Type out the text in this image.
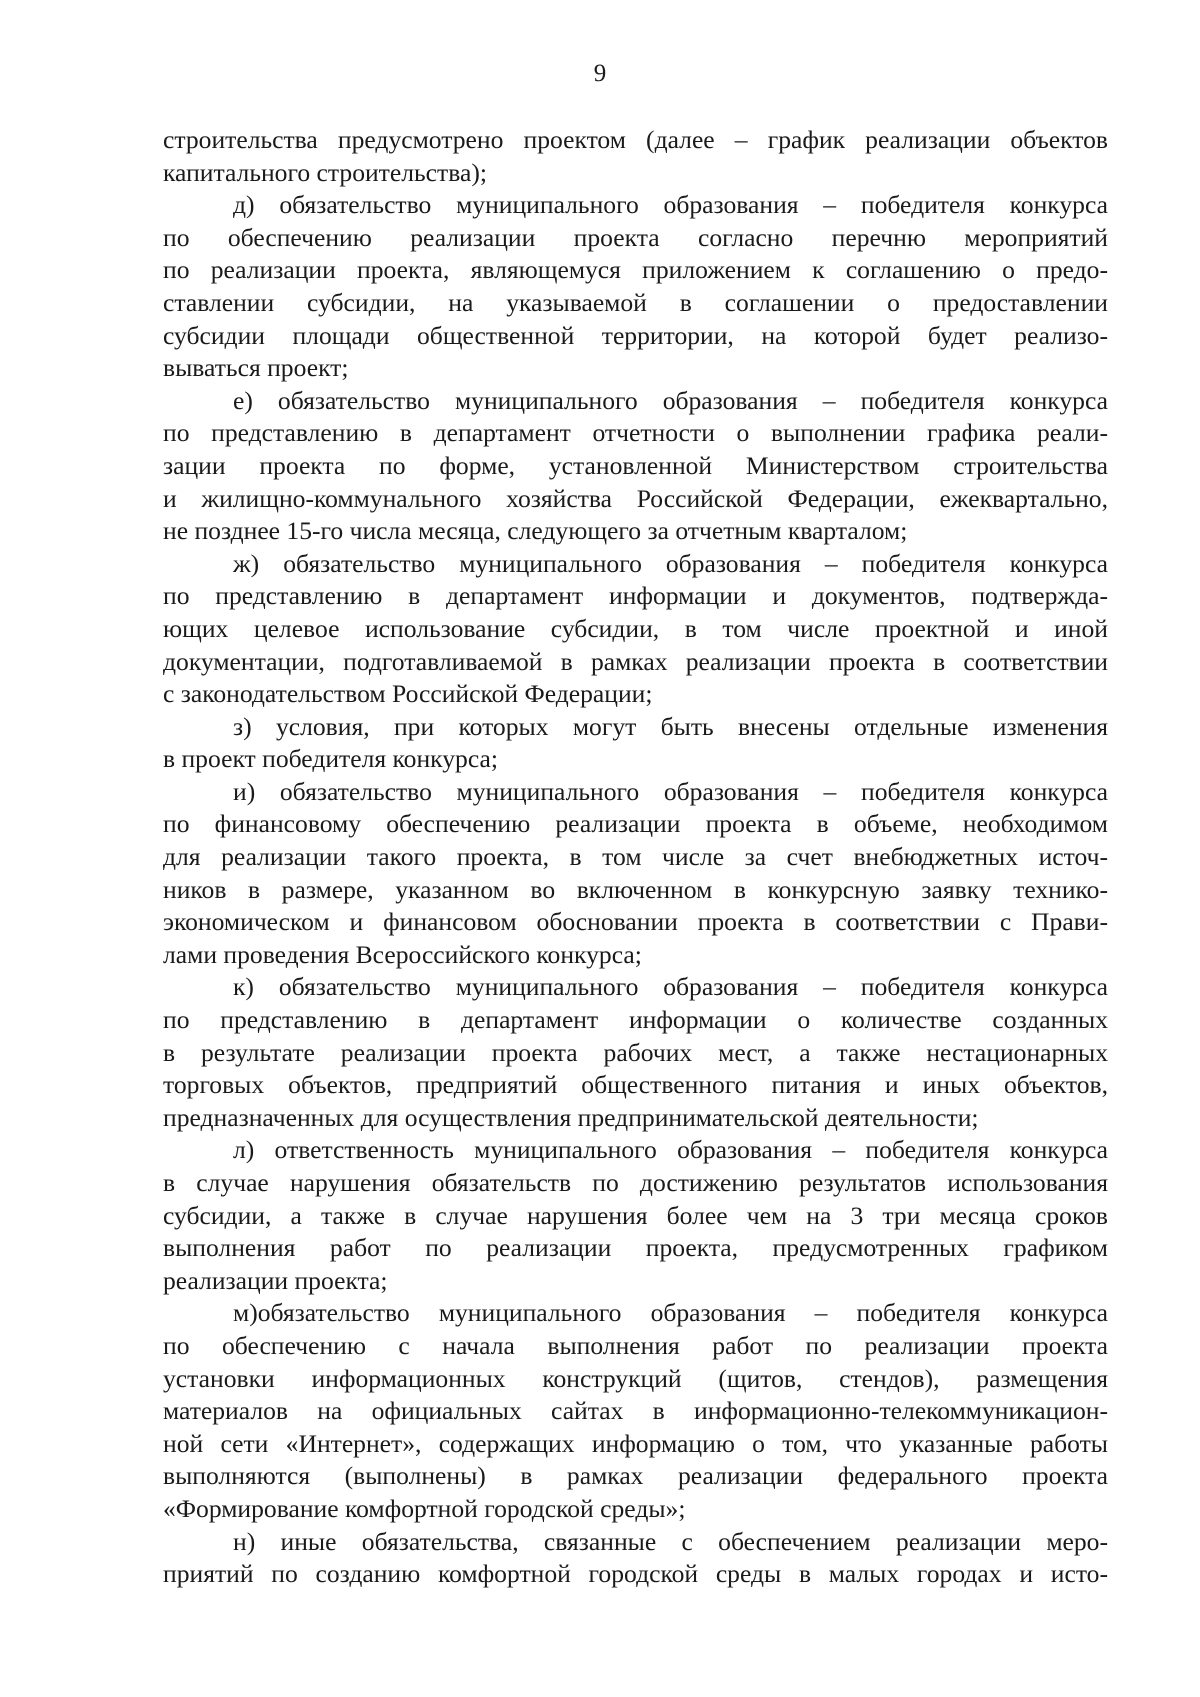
9
строительства предусмотрено проектом (далее – график реализации объектов
капитального строительства);
д) обязательство муниципального образования – победителя конкурса
по обеспечению реализации проекта согласно перечню мероприятий
по реализации проекта, являющемуся приложением к соглашению о предо-
ставлении субсидии, на указываемой в соглашении о предоставлении
субсидии площади общественной территории, на которой будет реализо-
вываться проект;
е) обязательство муниципального образования – победителя конкурса
по представлению в департамент отчетности о выполнении графика реали-
зации проекта по форме, установленной Министерством строительства
и жилищно-коммунального хозяйства Российской Федерации, ежеквартально,
не позднее 15-го числа месяца, следующего за отчетным кварталом;
ж) обязательство муниципального образования – победителя конкурса
по представлению в департамент информации и документов, подтвержда-
ющих целевое использование субсидии, в том числе проектной и иной
документации, подготавливаемой в рамках реализации проекта в соответствии
с законодательством Российской Федерации;
з) условия, при которых могут быть внесены отдельные изменения
в проект победителя конкурса;
и) обязательство муниципального образования – победителя конкурса
по финансовому обеспечению реализации проекта в объеме, необходимом
для реализации такого проекта, в том числе за счет внебюджетных источ-
ников в размере, указанном во включенном в конкурсную заявку технико-
экономическом и финансовом обосновании проекта в соответствии с Прави-
лами проведения Всероссийского конкурса;
к) обязательство муниципального образования – победителя конкурса
по представлению в департамент информации о количестве созданных
в результате реализации проекта рабочих мест, а также нестационарных
торговых объектов, предприятий общественного питания и иных объектов,
предназначенных для осуществления предпринимательской деятельности;
л) ответственность муниципального образования – победителя конкурса
в случае нарушения обязательств по достижению результатов использования
субсидии, а также в случае нарушения более чем на 3 три месяца сроков
выполнения работ по реализации проекта, предусмотренных графиком
реализации проекта;
м)обязательство муниципального образования – победителя конкурса
по обеспечению с начала выполнения работ по реализации проекта
установки информационных конструкций (щитов, стендов), размещения
материалов на официальных сайтах в информационно-телекоммуникацион-
ной сети «Интернет», содержащих информацию о том, что указанные работы
выполняются (выполнены) в рамках реализации федерального проекта
«Формирование комфортной городской среды»;
н) иные обязательства, связанные с обеспечением реализации меро-
приятий по созданию комфортной городской среды в малых городах и исто-
